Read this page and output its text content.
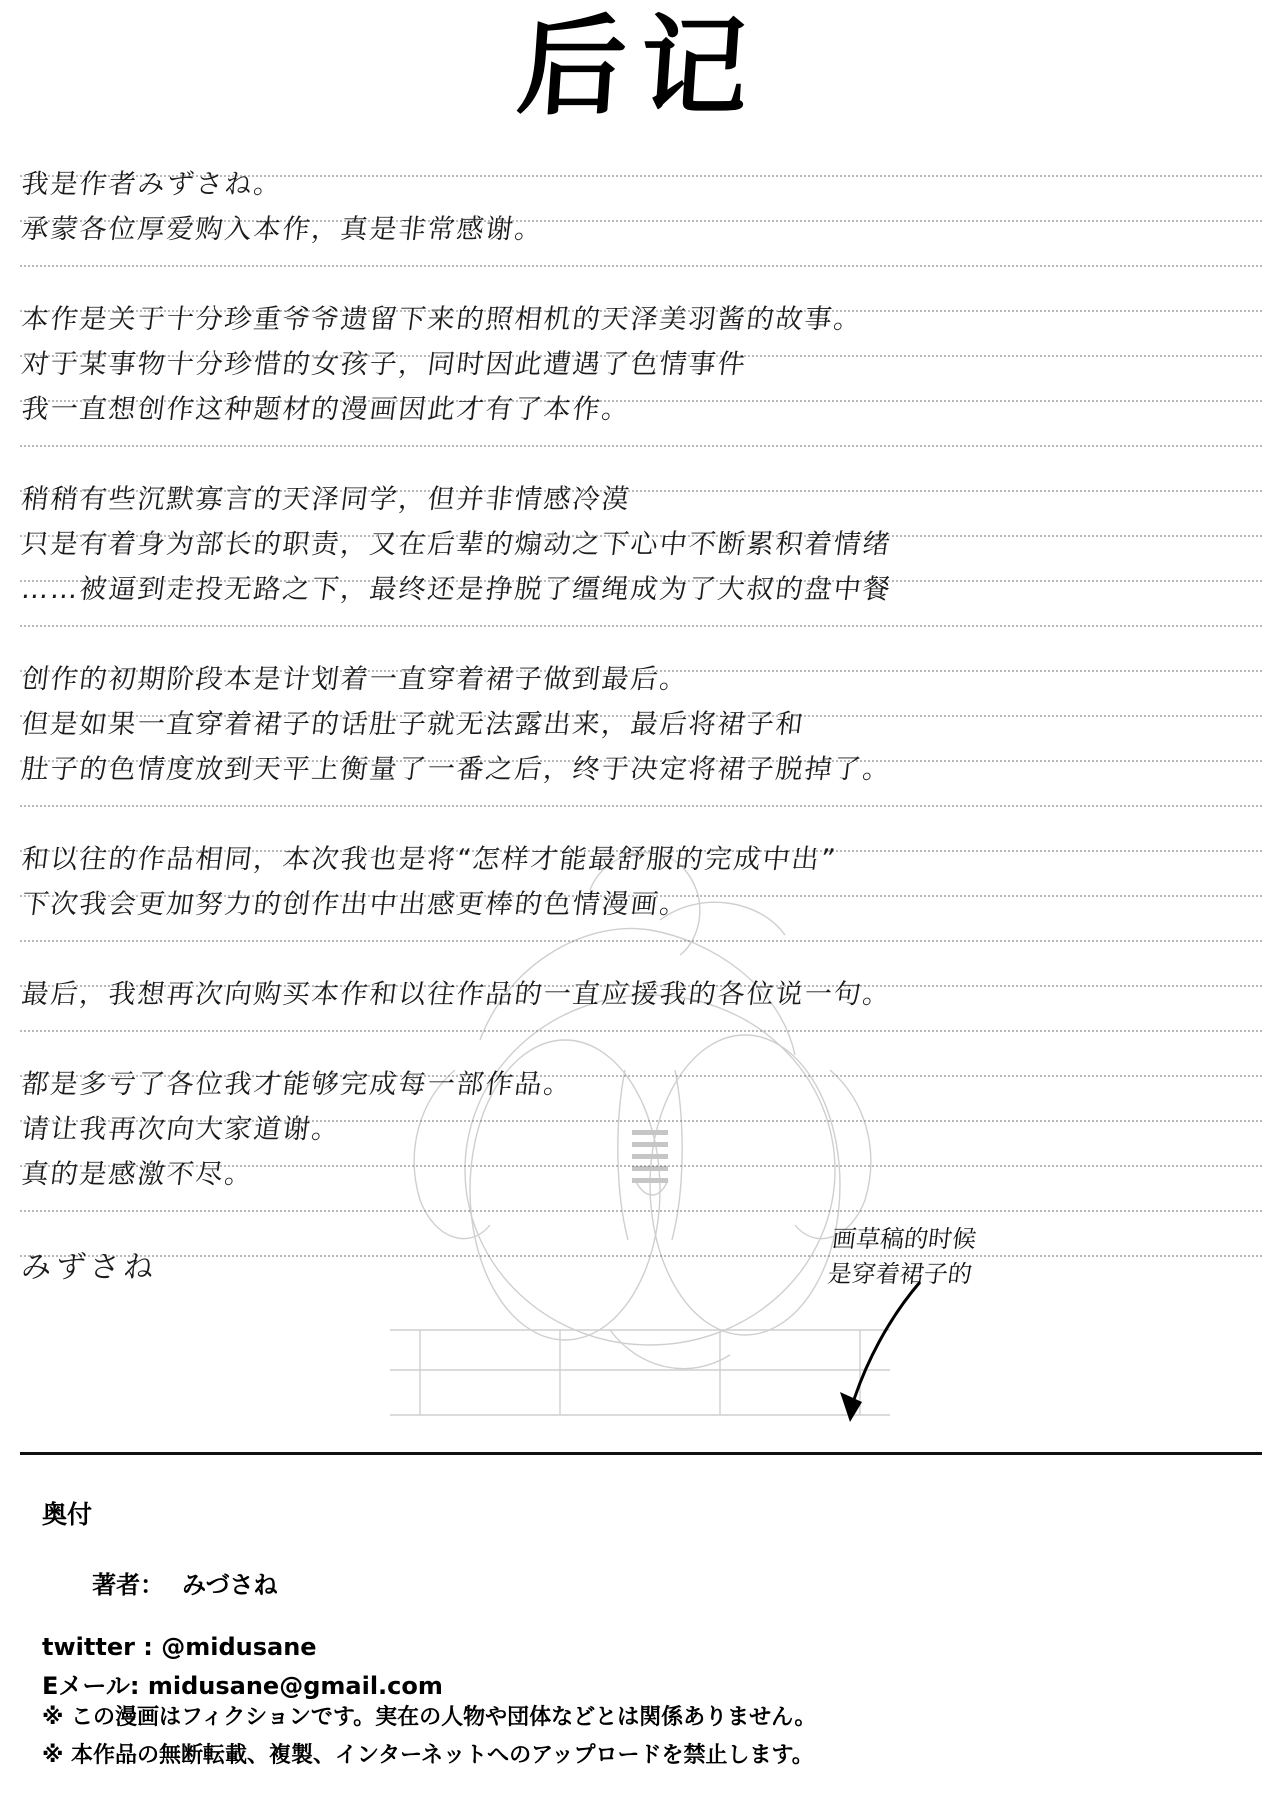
后记
画草稿的时候
是穿着裙子的
奥付

著者： みづさね

twitter : @midusane
Eメール: midusane@gmail.com
※ この漫画はフィクションです。実在の人物や団体などとは関係ありません。
※ 本作品の無断転載、複製、インターネットへのアップロードを禁止します。
我是作者みずさね。
承蒙各位厚爱购入本作，真是非常感谢。
本作是关于十分珍重爷爷遗留下来的照相机的天泽美羽酱的故事。
对于某事物十分珍惜的女孩子，同时因此遭遇了色情事件
我一直想创作这种题材的漫画因此才有了本作。
稍稍有些沉默寡言的天泽同学，但并非情感冷漠
只是有着身为部长的职责，又在后辈的煽动之下心中不断累积着情绪
……被逼到走投无路之下，最终还是挣脱了缰绳成为了大叔的盘中餐
创作的初期阶段本是计划着一直穿着裙子做到最后。
但是如果一直穿着裙子的话肚子就无法露出来，最后将裙子和
肚子的色情度放到天平上衡量了一番之后，终于决定将裙子脱掉了。
和以往的作品相同，本次我也是将“怎样才能最舒服的完成中出”
下次我会更加努力的创作出中出感更棒的色情漫画。
最后，我想再次向购买本作和以往作品的一直应援我的各位说一句。
都是多亏了各位我才能够完成每一部作品。
请让我再次向大家道谢。
真的是感激不尽。
みずさね
